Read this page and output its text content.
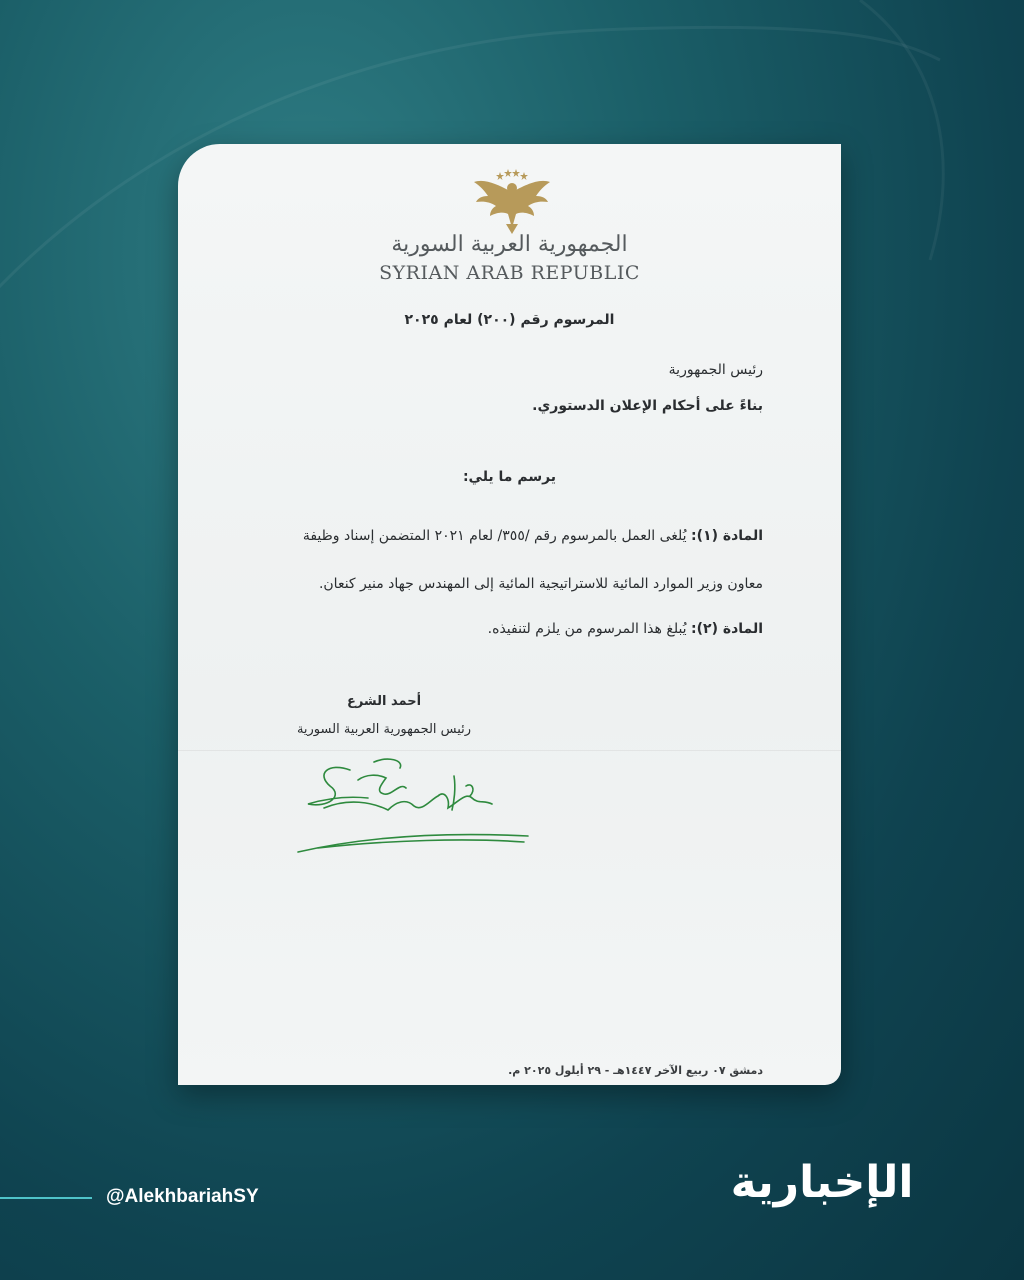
الجمهورية العربية السورية
SYRIAN ARAB REPUBLIC
المرسوم رقم (٢٠٠) لعام ٢٠٢٥
رئيس الجمهورية
بناءً على أحكام الإعلان الدستوري.
يرسم ما يلي:
المادة (١): يُلغى العمل بالمرسوم رقم /٣٥٥/ لعام ٢٠٢١ المتضمن إسناد وظيفة
معاون وزير الموارد المائية للاستراتيجية المائية إلى المهندس جهاد منير كنعان.
المادة (٢): يُبلغ هذا المرسوم من يلزم لتنفيذه.
أحمد الشرع
رئيس الجمهورية العربية السورية
دمشق ٠٧ ربيع الآخر ١٤٤٧هـ - ٢٩ أيلول ٢٠٢٥ م.
@AlekhbariahSY	الإخبارية
